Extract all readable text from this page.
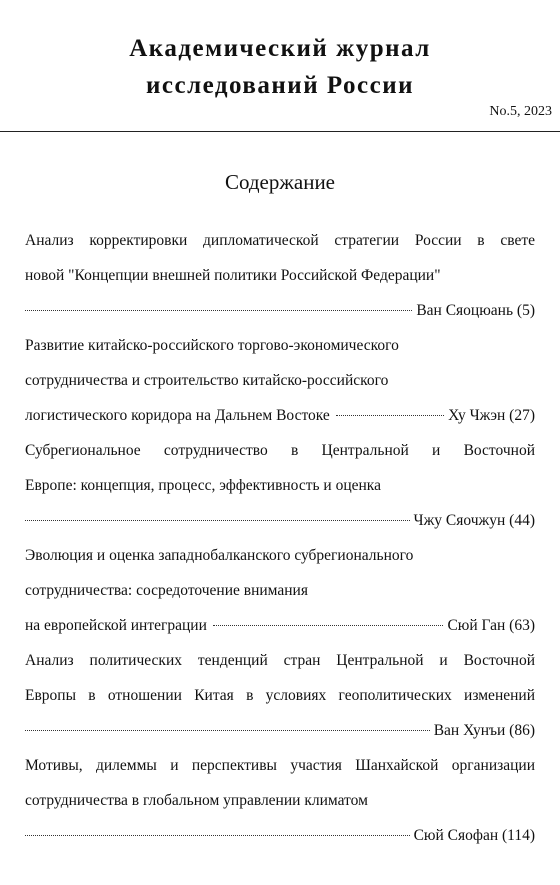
Академический журнал
исследований России
No.5, 2023
Содержание
Анализ корректировки дипломатической стратегии России в свете
новой "Концепции внешней политики Российской Федерации"
Ван Сяоцюань (5)
Развитие китайско-российского торгово-экономического
сотрудничества и строительство китайско-российского
логистического коридора на Дальнем Востоке	Ху Чжэн (27)
Субрегиональное сотрудничество в Центральной и Восточной
Европе: концепция, процесс, эффективность и оценка
Чжу Сяочжун (44)
Эволюция и оценка западнобалканского субрегионального
сотрудничества: сосредоточение внимания
на европейской интеграции	Сюй Ган (63)
Анализ политических тенденций стран Центральной и Восточной
Европы в отношении Китая в условиях геополитических изменений
Ван Хунъи (86)
Мотивы, дилеммы и перспективы участия Шанхайской организации
сотрудничества в глобальном управлении климатом
Сюй Сяофан (114)
